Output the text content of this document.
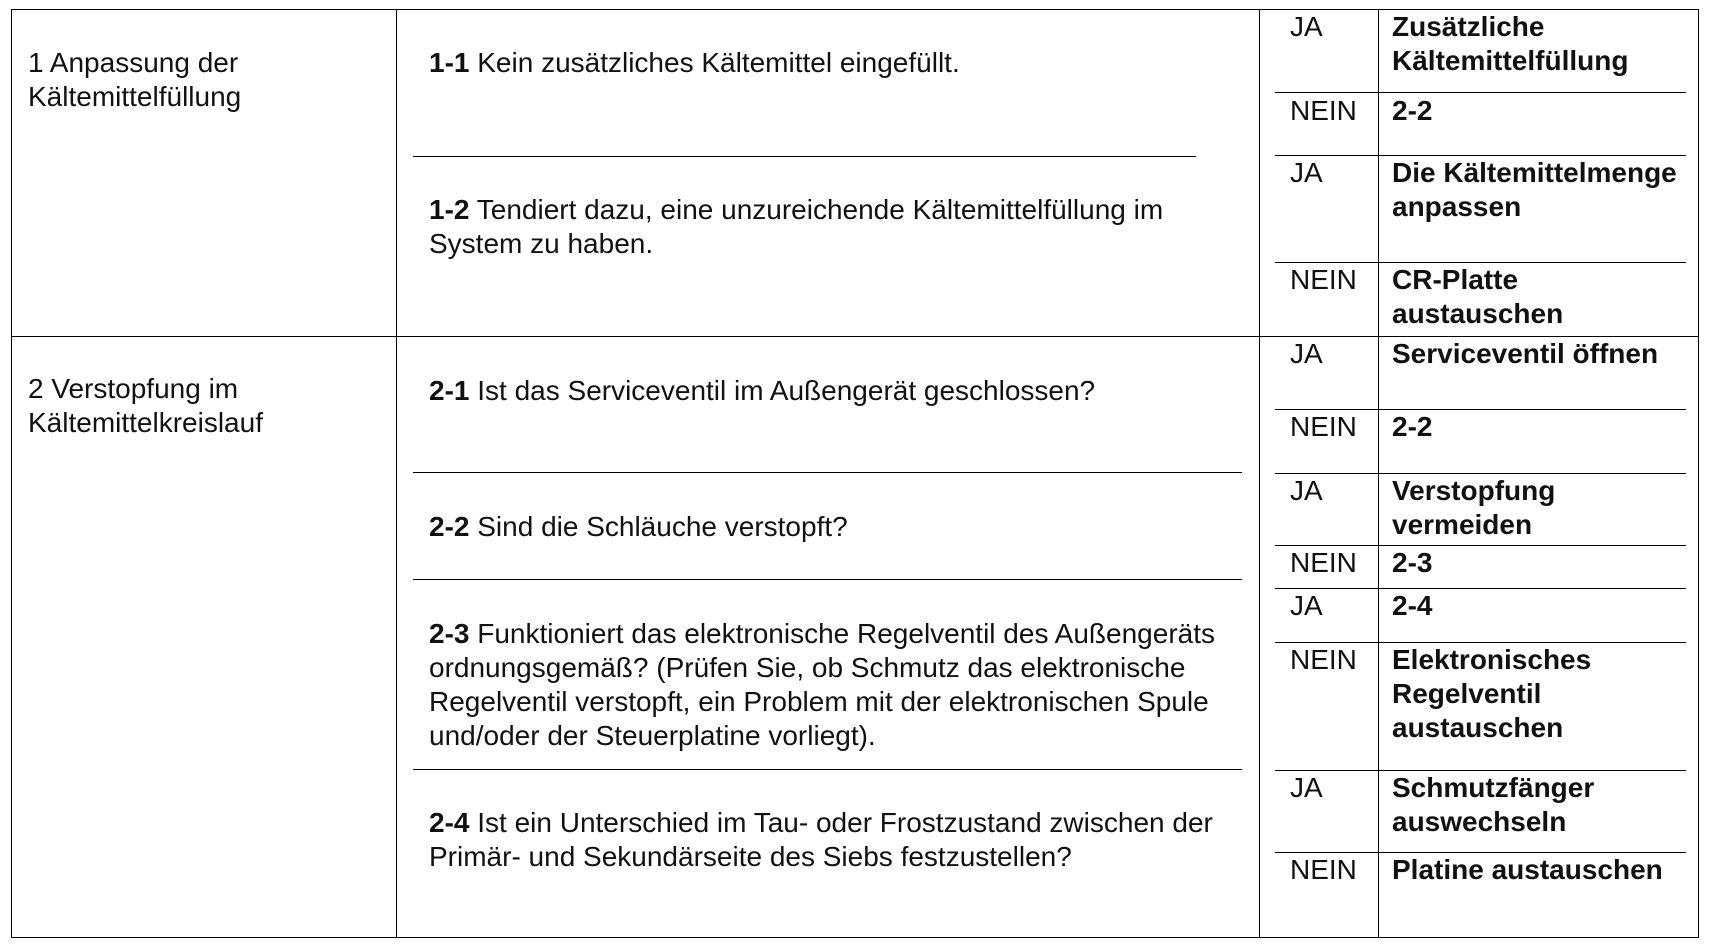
1 Anpassung der Kältemittelfüllung
2 Verstopfung im Kältemittelkreislauf
1-1 Kein zusätzliches Kältemittel eingefüllt.
1-2 Tendiert dazu, eine unzureichende Kältemittelfüllung im System zu haben.
2-1 Ist das Serviceventil im Außengerät geschlossen?
2-2 Sind die Schläuche verstopft?
2-3 Funktioniert das elektronische Regelventil des Außengeräts ordnungsgemäß? (Prüfen Sie, ob Schmutz das elektronische Regelventil verstopft, ein Problem mit der elektronischen Spule und/oder der Steuerplatine vorliegt).
2-4 Ist ein Unterschied im Tau- oder Frostzustand zwischen der Primär- und Sekundärseite des Siebs festzustellen?
JA
NEIN
JA
NEIN
JA
NEIN
JA
NEIN
JA
NEIN
JA
NEIN
Zusätzliche Kältemittelfüllung
2-2
Die Kältemittelmenge anpassen
CR-Platte austauschen
Serviceventil öffnen
2-2
Verstopfung vermeiden
2-3
2-4
Elektronisches Regelventil austauschen
Schmutzfänger auswechseln
Platine austauschen
